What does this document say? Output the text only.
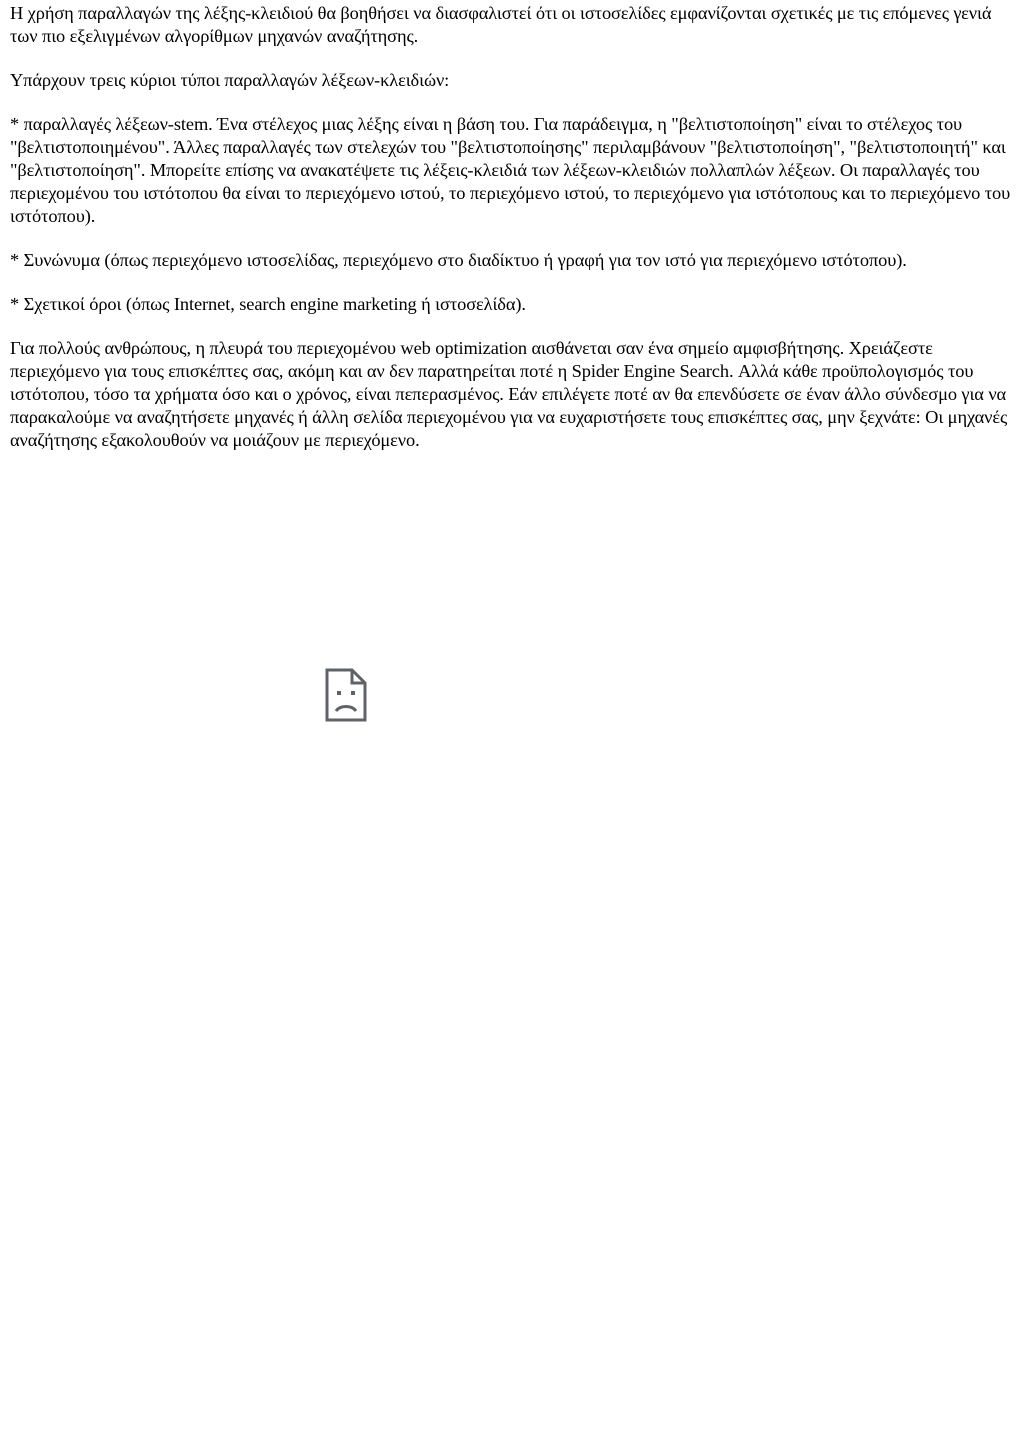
Η χρήση παραλλαγών της λέξης-κλειδιού θα βοηθήσει να διασφαλιστεί ότι οι ιστοσελίδες εμφανίζονται σχετικές με τις επόμενες γενιά των πιο εξελιγμένων αλγορίθμων μηχανών αναζήτησης.

Υπάρχουν τρεις κύριοι τύποι παραλλαγών λέξεων-κλειδιών:

* παραλλαγές λέξεων-stem. Ένα στέλεχος μιας λέξης είναι η βάση του. Για παράδειγμα, η "βελτιστοποίηση" είναι το στέλεχος του "βελτιστοποιημένου". Άλλες παραλλαγές των στελεχών του "βελτιστοποίησης" περιλαμβάνουν "βελτιστοποίηση", "βελτιστοποιητή" και "βελτιστοποίηση". Μπορείτε επίσης να ανακατέψετε τις λέξεις-κλειδιά των λέξεων-κλειδιών πολλαπλών λέξεων. Οι παραλλαγές του περιεχομένου του ιστότοπου θα είναι το περιεχόμενο ιστού, το περιεχόμενο ιστού, το περιεχόμενο για ιστότοπους και το περιεχόμενο του ιστότοπου).

* Συνώνυμα (όπως περιεχόμενο ιστοσελίδας, περιεχόμενο στο διαδίκτυο ή γραφή για τον ιστό για περιεχόμενο ιστότοπου).

* Σχετικοί όροι (όπως Internet, search engine marketing ή ιστοσελίδα).

Για πολλούς ανθρώπους, η πλευρά του περιεχομένου web optimization αισθάνεται σαν ένα σημείο αμφισβήτησης. Χρειάζεστε περιεχόμενο για τους επισκέπτες σας, ακόμη και αν δεν παρατηρείται ποτέ η Spider Engine Search. Αλλά κάθε προϋπολογισμός του ιστότοπου, τόσο τα χρήματα όσο και ο χρόνος, είναι πεπερασμένος. Εάν επιλέγετε ποτέ αν θα επενδύσετε σε έναν άλλο σύνδεσμο για να παρακαλούμε να αναζητήσετε μηχανές ή άλλη σελίδα περιεχομένου για να ευχαριστήσετε τους επισκέπτες σας, μην ξεχνάτε: Οι μηχανές αναζήτησης εξακολουθούν να μοιάζουν με περιεχόμενο.
